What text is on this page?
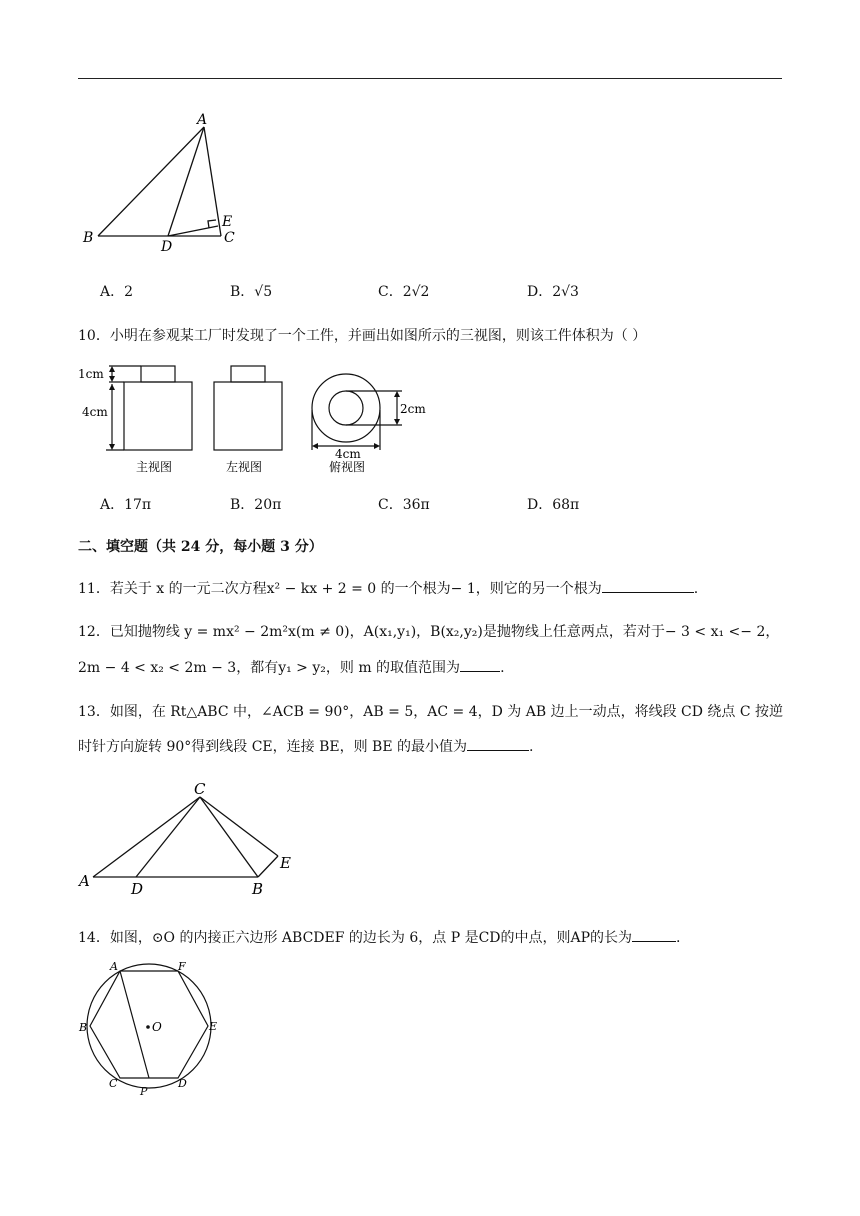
A
B	C
D
E
A．2	B．√5	C．2√2	D．2√3
10．小明在参观某工厂时发现了一个工件，并画出如图所示的三视图，则该工件体积为（ ）
1cm
4cm	2cm
4cm
主视图	左视图	俯视图
A．17π	B．20π	C．36π	D．68π
二、填空题（共 24 分，每小题 3 分）
11．若关于 x 的一元二次方程x² − kx + 2 = 0 的一个根为− 1，则它的另一个根为	.
12．已知抛物线 y = mx² − 2m²x(m ≠ 0)，A(x₁,y₁)，B(x₂,y₂)是抛物线上任意两点，若对于− 3 < x₁ <− 2，
2m − 4 < x₂ < 2m − 3，都有y₁ > y₂，则 m 的取值范围为	.
13．如图，在 Rt△ABC 中，∠ACB = 90°，AB = 5，AC = 4，D 为 AB 边上一动点，将线段 CD 绕点 C 按逆
时针方向旋转 90°得到线段 CE，连接 BE，则 BE 的最小值为	.
C
A	D	B
E
14．如图，⊙O 的内接正六边形 ABCDEF 的边长为 6，点 P 是CD的中点，则AP的长为	.
O
A	F
B	E
C	D
P
